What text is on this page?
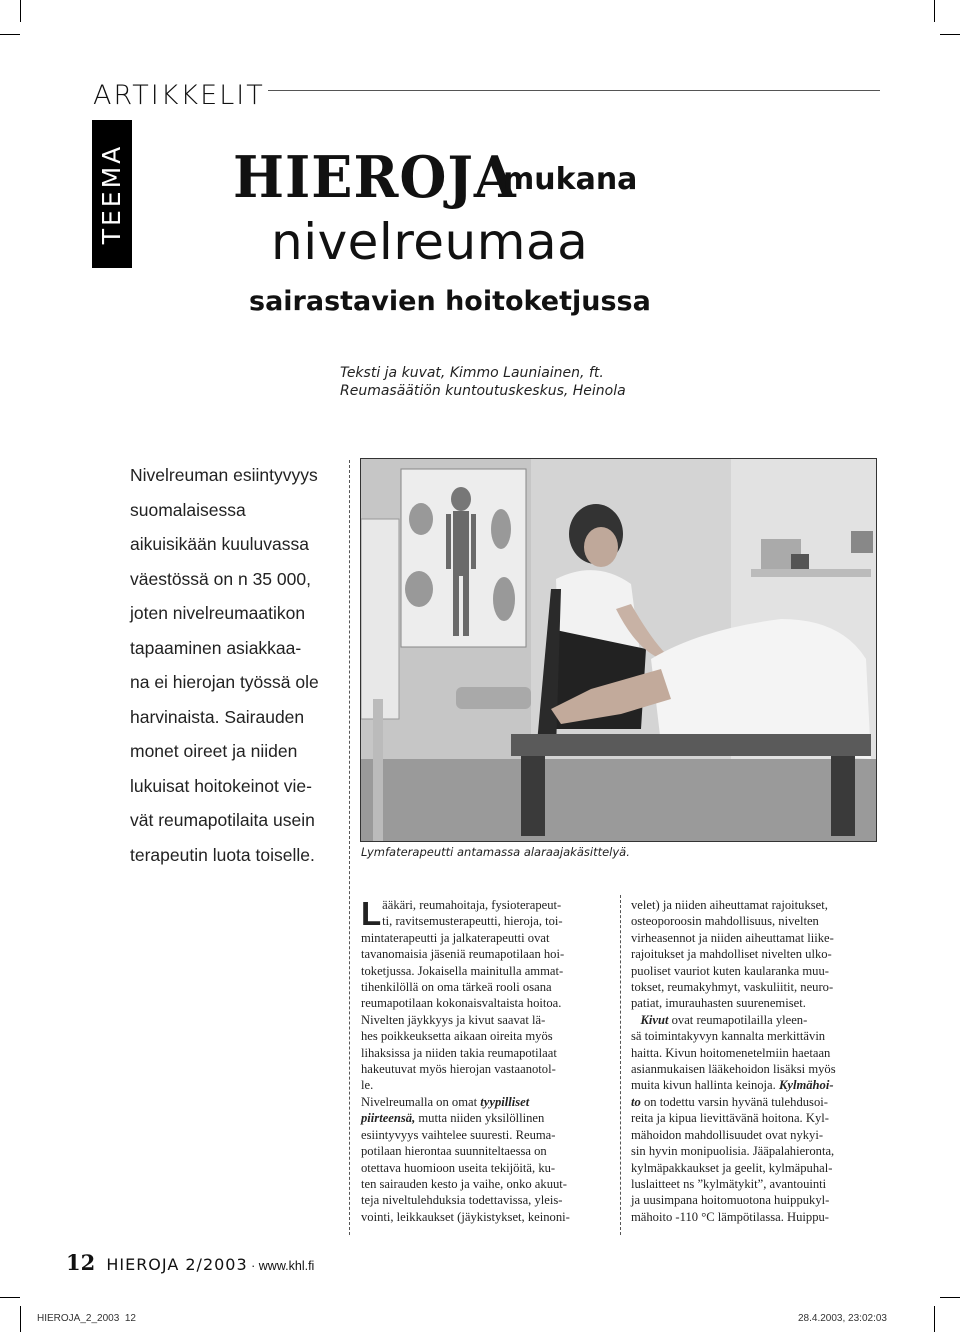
ARTIKKELIT
TEEMA HIEROJA
mukana
nivelreumaa
sairastavien hoitoketjussa
Teksti ja kuvat, Kimmo Launiainen, ft.
Reumasäätiön kuntoutuskeskus, Heinola
Nivelreuman esiintyvyys
suomalaisessa
aikuisikään kuuluvassa
väestössä on n 35 000,
joten nivelreumaatikon
tapaaminen asiakkaa-
na ei hierojan työssä ole
harvinaista. Sairauden
monet oireet ja niiden
lukuisat hoitokeinot vie-
vät reumapotilaita usein
terapeutin luota toiselle.	Lymfaterapeutti antamassa alaraajakäsittelyä.
L ääkäri, reumahoitaja, fysioterapeut-
ti, ravitsemusterapeutti, hieroja, toi-
mintaterapeutti ja jalkaterapeutti ovat
tavanomaisia jäseniä reumapotilaan hoi-
toketjussa. Jokaisella mainitulla ammat-
tihenkilöllä on oma tärkeä rooli osana
reumapotilaan kokonaisvaltaista hoitoa.
Nivelten jäykkyys ja kivut saavat lä-
hes poikkeuksetta aikaan oireita myös
lihaksissa ja niiden takia reumapotilaat
hakeutuvat myös hierojan vastaanotol-
le.
Nivelreumalla on omat tyypilliset
piirteensä, mutta niiden yksilöllinen
esiintyvyys vaihtelee suuresti. Reuma-
potilaan hierontaa suunniteltaessa on
otettava huomioon useita tekijöitä, ku-
ten sairauden kesto ja vaihe, onko akuut-
teja niveltulehduksia todettavissa, yleis-
vointi, leikkaukset (jäykistykset, keinoni-
velet) ja niiden aiheuttamat rajoitukset,
osteoporoosin mahdollisuus, nivelten
virheasennot ja niiden aiheuttamat liike-
rajoitukset ja mahdolliset nivelten ulko-
puoliset vauriot kuten kaularanka muu-
tokset, reumakyhmyt, vaskuliitit, neuro-
patiat, imurauhasten suurenemiset.
Kivut ovat reumapotilailla yleen-
sä toimintakyvyn kannalta merkittävin
haitta. Kivun hoitomenetelmiin haetaan
asianmukaisen lääkehoidon lisäksi myös
muita kivun hallinta keinoja. Kylmähoi-
to on todettu varsin hyvänä tulehdusoi-
reita ja kipua lievittävänä hoitona. Kyl-
mähoidon mahdollisuudet ovat nykyi-
sin hyvin monipuolisia. Jääpalahieronta,
kylmäpakkaukset ja geelit, kylmäpuhal-
luslaitteet ns ”kylmätykit”, avantouinti
ja uusimpana hoitomuotona huippukyl-
mähoito -110 °C lämpötilassa. Huippu-
12 HIEROJA 2/2003 · www.khl.fi
HIEROJA_2_2003  12	28.4.2003, 23:02:03
